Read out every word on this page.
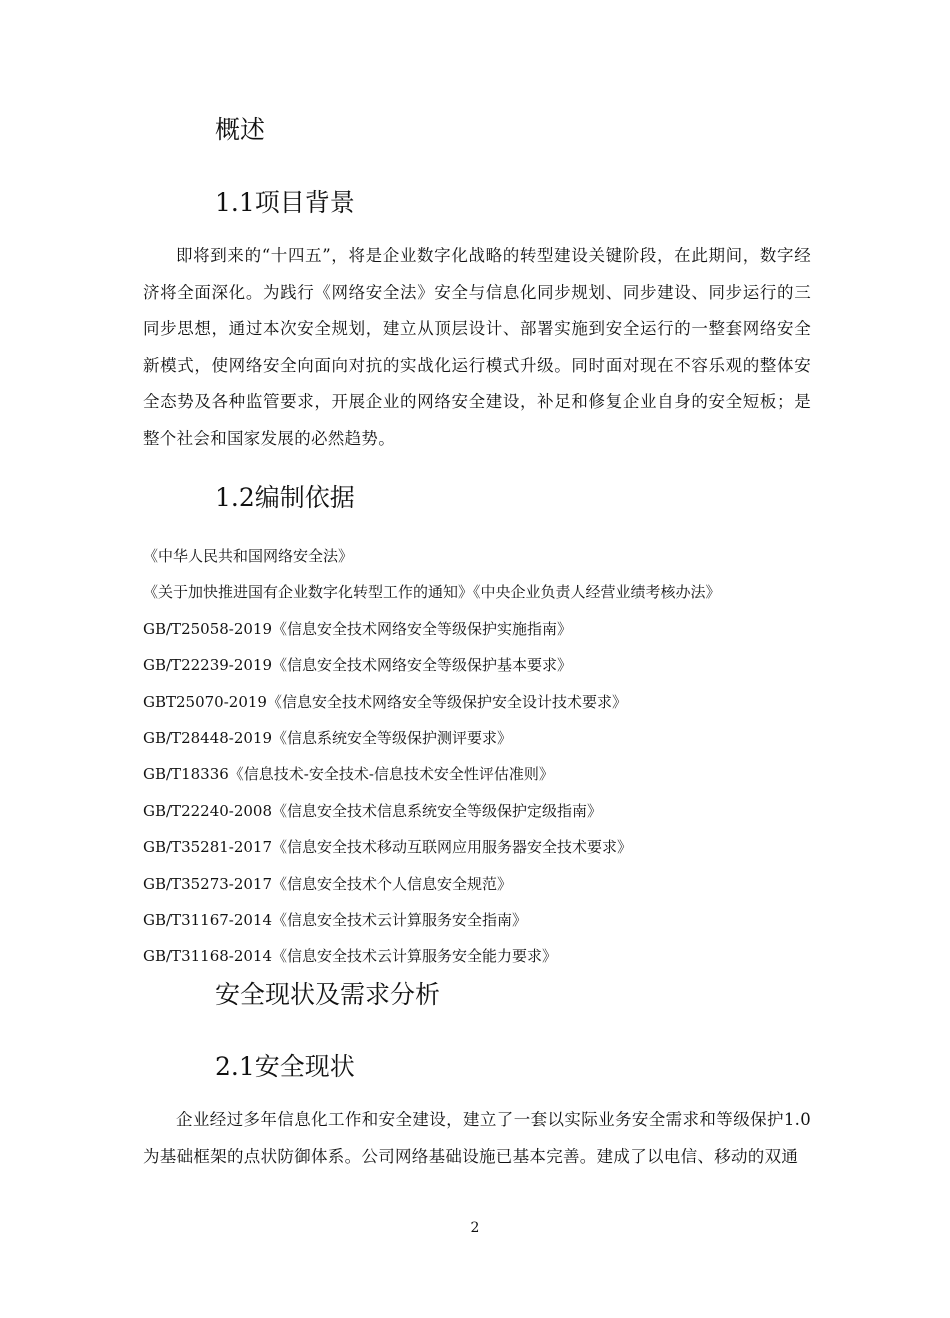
概述
1.1项目背景
即将到来的“十四五”，将是企业数字化战略的转型建设关键阶段，在此期间，数字经济将全面深化。为践行《网络安全法》安全与信息化同步规划、同步建设、同步运行的三同步思想，通过本次安全规划，建立从顶层设计、部署实施到安全运行的一整套网络安全新模式，使网络安全向面向对抗的实战化运行模式升级。同时面对现在不容乐观的整体安全态势及各种监管要求，开展企业的网络安全建设，补足和修复企业自身的安全短板；是整个社会和国家发展的必然趋势。
1.2编制依据
《中华人民共和国网络安全法》
《关于加快推进国有企业数字化转型工作的通知》《中央企业负责人经营业绩考核办法》
GB/T25058-2019《信息安全技术网络安全等级保护实施指南》
GB/T22239-2019《信息安全技术网络安全等级保护基本要求》
GBT25070-2019《信息安全技术网络安全等级保护安全设计技术要求》
GB/T28448-2019《信息系统安全等级保护测评要求》
GB/T18336《信息技术-安全技术-信息技术安全性评估准则》
GB/T22240-2008《信息安全技术信息系统安全等级保护定级指南》
GB/T35281-2017《信息安全技术移动互联网应用服务器安全技术要求》
GB/T35273-2017《信息安全技术个人信息安全规范》
GB/T31167-2014《信息安全技术云计算服务安全指南》
GB/T31168-2014《信息安全技术云计算服务安全能力要求》
安全现状及需求分析
2.1安全现状
企业经过多年信息化工作和安全建设，建立了一套以实际业务安全需求和等级保护1.0为基础框架的点状防御体系。公司网络基础设施已基本完善。建成了以电信、移动的双通
2
